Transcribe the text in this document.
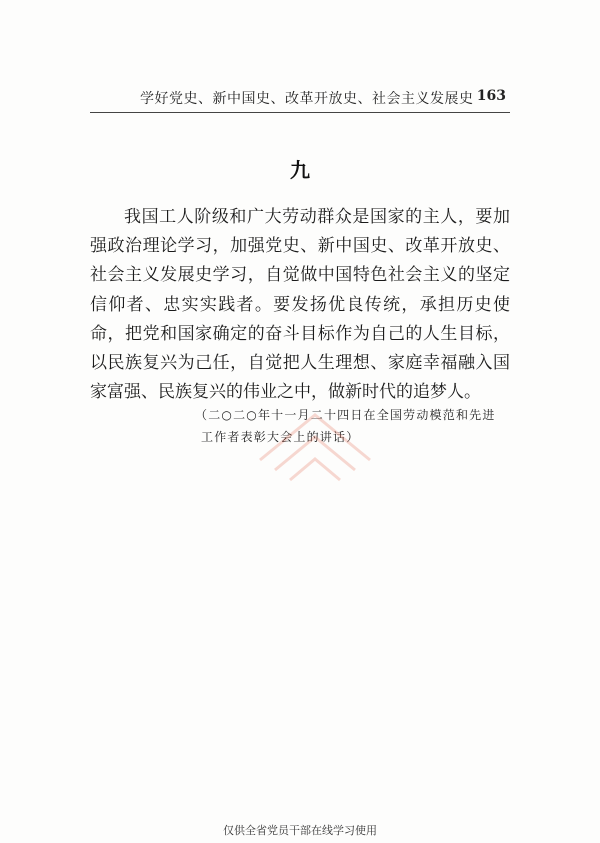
学好党史、新中国史、改革开放史、社会主义发展史 163
九

我国工人阶级和广大劳动群众是国家的主人，要加
强政治理论学习，加强党史、新中国史、改革开放史、
社会主义发展史学习，自觉做中国特色社会主义的坚定
信仰者、忠实实践者。要发扬优良传统，承担历史使
命，把党和国家确定的奋斗目标作为自己的人生目标，
以民族复兴为己任，自觉把人生理想、家庭幸福融入国
家富强、民族复兴的伟业之中，做新时代的追梦人。

（二○二○年十一月二十四日在全国劳动模范和先进
工作者表彰大会上的讲话）
仅供全省党员干部在线学习使用
